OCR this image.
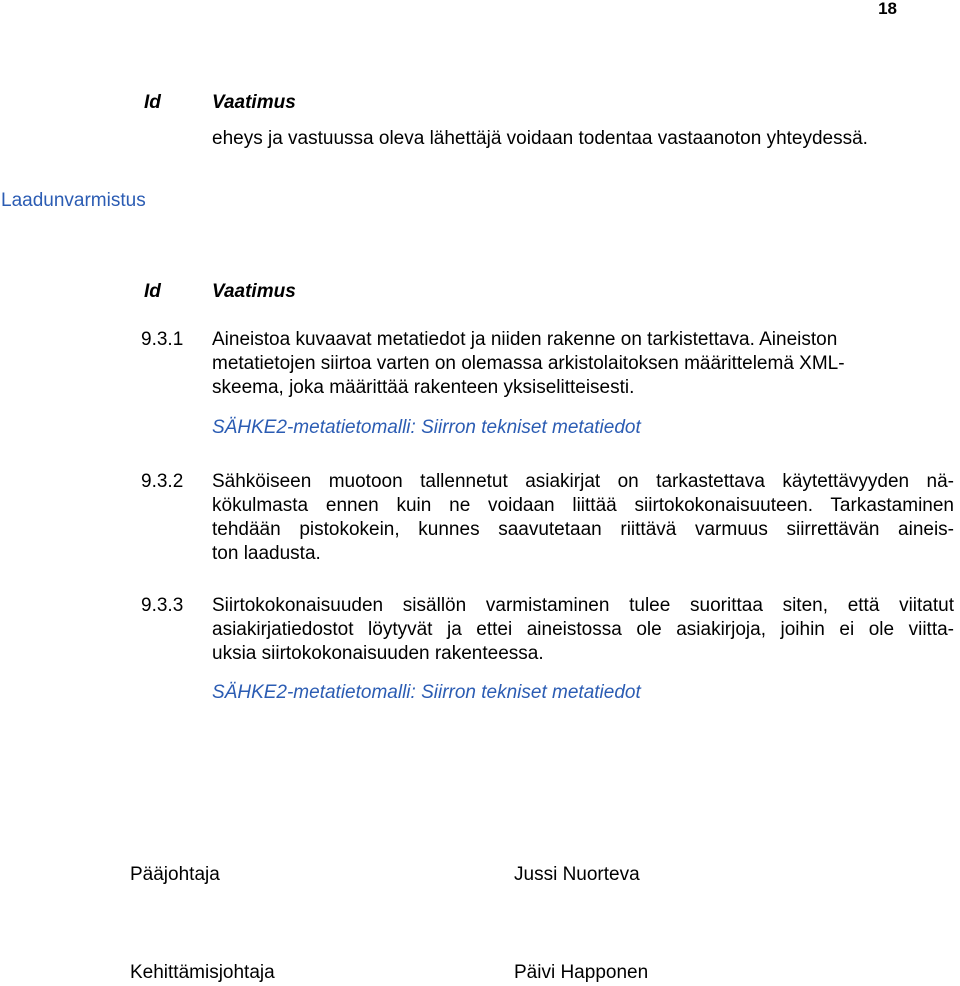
18
Id	Vaatimus
eheys ja vastuussa oleva lähettäjä voidaan todentaa vastaanoton yhteydessä.
Laadunvarmistus
Id	Vaatimus
9.3.1 Aineistoa kuvaavat metatiedot ja niiden rakenne on tarkistettava. Aineiston
metatietojen siirtoa varten on olemassa arkistolaitoksen määrittelemä XML-
skeema, joka määrittää rakenteen yksiselitteisesti.
SÄHKE2-metatietomalli: Siirron tekniset metatiedot
9.3.2 Sähköiseen muotoon tallennetut asiakirjat on tarkastettava käytettävyyden nä-
kökulmasta ennen kuin ne voidaan liittää siirtokokonaisuuteen. Tarkastaminen
tehdään pistokokein, kunnes saavutetaan riittävä varmuus siirrettävän aineis-
ton laadusta.
9.3.3 Siirtokokonaisuuden sisällön varmistaminen tulee suorittaa siten, että viitatut
asiakirjatiedostot löytyvät ja ettei aineistossa ole asiakirjoja, joihin ei ole viitta-
uksia siirtokokonaisuuden rakenteessa.
SÄHKE2-metatietomalli: Siirron tekniset metatiedot
Pääjohtaja	Jussi Nuorteva
Kehittämisjohtaja	Päivi Happonen
